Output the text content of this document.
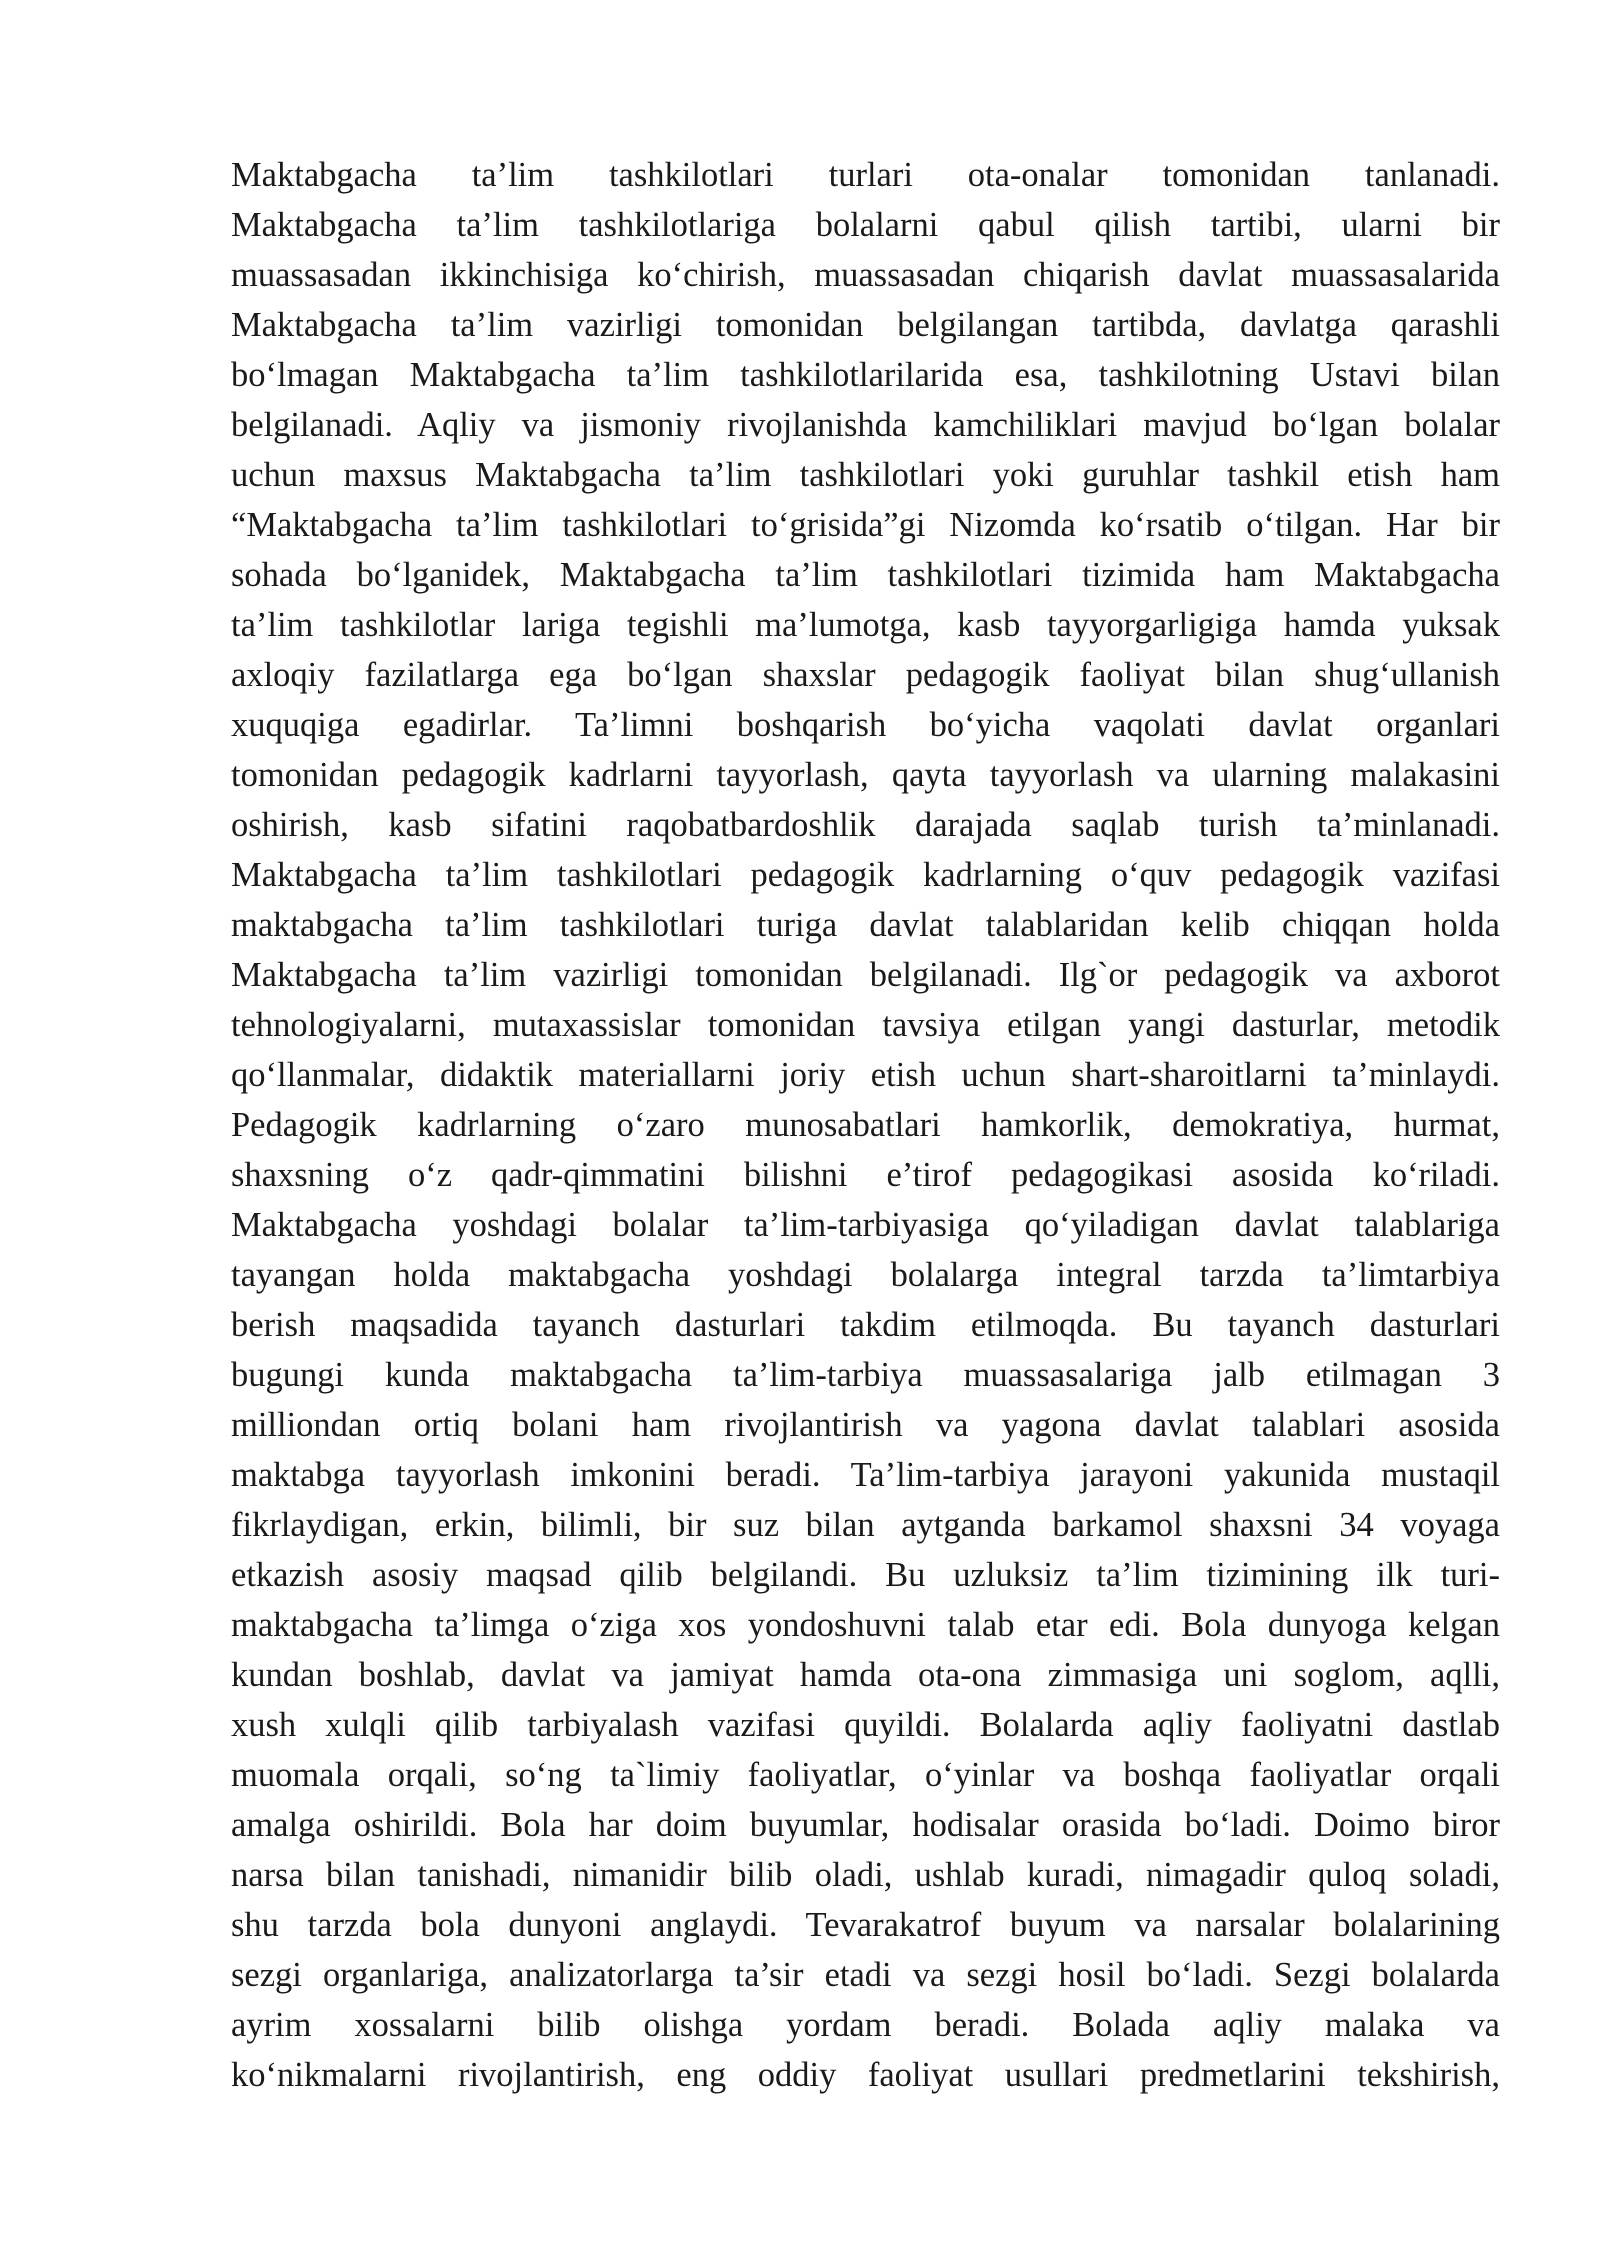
Maktabgacha ta’lim tashkilotlari turlari ota-onalar tomonidan tanlanadi.
Maktabgacha ta’lim tashkilotlariga bolalarni qabul qilish tartibi, ularni bir
muassasadan ikkinchisiga ko‘chirish, muassasadan chiqarish davlat muassasalarida
Maktabgacha ta’lim vazirligi tomonidan belgilangan tartibda, davlatga qarashli
bo‘lmagan Maktabgacha ta’lim tashkilotlarilarida esa, tashkilotning Ustavi bilan
belgilanadi. Aqliy va jismoniy rivojlanishda kamchiliklari mavjud bo‘lgan bolalar
uchun maxsus Maktabgacha ta’lim tashkilotlari yoki guruhlar tashkil etish ham
“Maktabgacha ta’lim tashkilotlari to‘grisida”gi Nizomda ko‘rsatib o‘tilgan. Har bir
sohada bo‘lganidek, Maktabgacha ta’lim tashkilotlari tizimida ham Maktabgacha
ta’lim tashkilotlar lariga tegishli ma’lumotga, kasb tayyorgarligiga hamda yuksak
axloqiy fazilatlarga ega bo‘lgan shaxslar pedagogik faoliyat bilan shug‘ullanish
xuquqiga egadirlar. Ta’limni boshqarish bo‘yicha vaqolati davlat organlari
tomonidan pedagogik kadrlarni tayyorlash, qayta tayyorlash va ularning malakasini
oshirish, kasb sifatini raqobatbardoshlik darajada saqlab turish ta’minlanadi.
Maktabgacha ta’lim tashkilotlari pedagogik kadrlarning o‘quv pedagogik vazifasi
maktabgacha ta’lim tashkilotlari turiga davlat talablaridan kelib chiqqan holda
Maktabgacha ta’lim vazirligi tomonidan belgilanadi. Ilg`or pedagogik va axborot
tehnologiyalarni, mutaxassislar tomonidan tavsiya etilgan yangi dasturlar, metodik
qo‘llanmalar, didaktik materiallarni joriy etish uchun shart-sharoitlarni ta’minlaydi.
Pedagogik kadrlarning o‘zaro munosabatlari hamkorlik, demokratiya, hurmat,
shaxsning o‘z qadr-qimmatini bilishni e’tirof pedagogikasi asosida ko‘riladi.
Maktabgacha yoshdagi bolalar ta’lim-tarbiyasiga qo‘yiladigan davlat talablariga
tayangan holda maktabgacha yoshdagi bolalarga integral tarzda ta’limtarbiya
berish maqsadida tayanch dasturlari takdim etilmoqda. Bu tayanch dasturlari
bugungi kunda maktabgacha ta’lim-tarbiya muassasalariga jalb etilmagan 3
milliondan ortiq bolani ham rivojlantirish va yagona davlat talablari asosida
maktabga tayyorlash imkonini beradi. Ta’lim-tarbiya jarayoni yakunida mustaqil
fikrlaydigan, erkin, bilimli, bir suz bilan aytganda barkamol shaxsni 34 voyaga
etkazish asosiy maqsad qilib belgilandi. Bu uzluksiz ta’lim tizimining ilk turi-
maktabgacha ta’limga o‘ziga xos yondoshuvni talab etar edi. Bola dunyoga kelgan
kundan boshlab, davlat va jamiyat hamda ota-ona zimmasiga uni soglom, aqlli,
xush xulqli qilib tarbiyalash vazifasi quyildi. Bolalarda aqliy faoliyatni dastlab
muomala orqali, so‘ng ta`limiy faoliyatlar, o‘yinlar va boshqa faoliyatlar orqali
amalga oshirildi. Bola har doim buyumlar, hodisalar orasida bo‘ladi. Doimo biror
narsa bilan tanishadi, nimanidir bilib oladi, ushlab kuradi, nimagadir quloq soladi,
shu tarzda bola dunyoni anglaydi. Tevarakatrof buyum va narsalar bolalarining
sezgi organlariga, analizatorlarga ta’sir etadi va sezgi hosil bo‘ladi. Sezgi bolalarda
ayrim xossalarni bilib olishga yordam beradi. Bolada aqliy malaka va
ko‘nikmalarni rivojlantirish, eng oddiy faoliyat usullari predmetlarini tekshirish,
